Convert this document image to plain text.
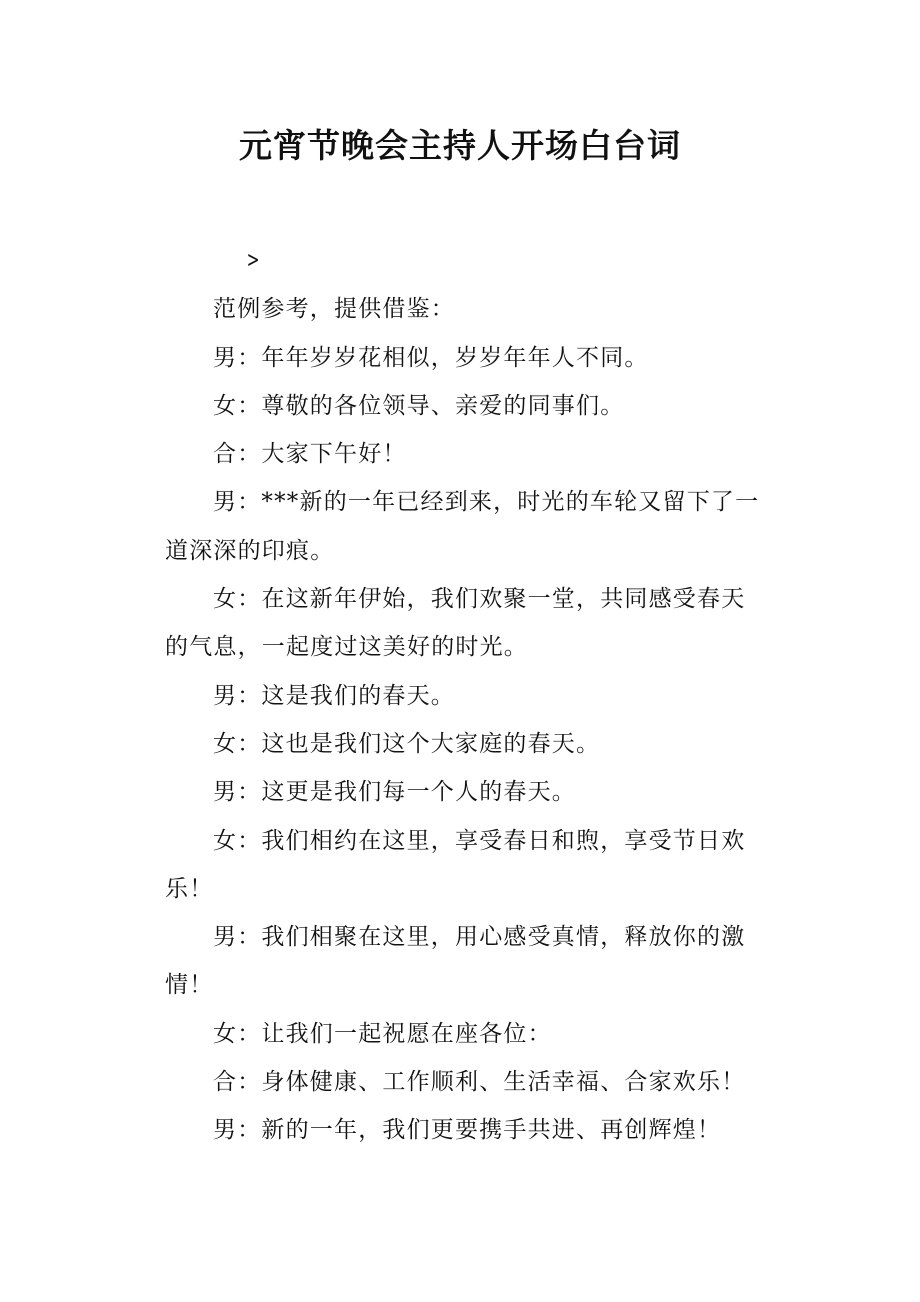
元宵节晚会主持人开场白台词

>

范例参考，提供借鉴：

男：年年岁岁花相似，岁岁年年人不同。

女：尊敬的各位领导、亲爱的同事们。

合：大家下午好！

男：***新的一年已经到来，时光的车轮又留下了一道深深的印痕。

女：在这新年伊始，我们欢聚一堂，共同感受春天的气息，一起度过这美好的时光。

男：这是我们的春天。

女：这也是我们这个大家庭的春天。

男：这更是我们每一个人的春天。

女：我们相约在这里，享受春日和煦，享受节日欢乐！

男：我们相聚在这里，用心感受真情，释放你的激情！

女：让我们一起祝愿在座各位：

合：身体健康、工作顺利、生活幸福、合家欢乐！

男：新的一年，我们更要携手共进、再创辉煌！
